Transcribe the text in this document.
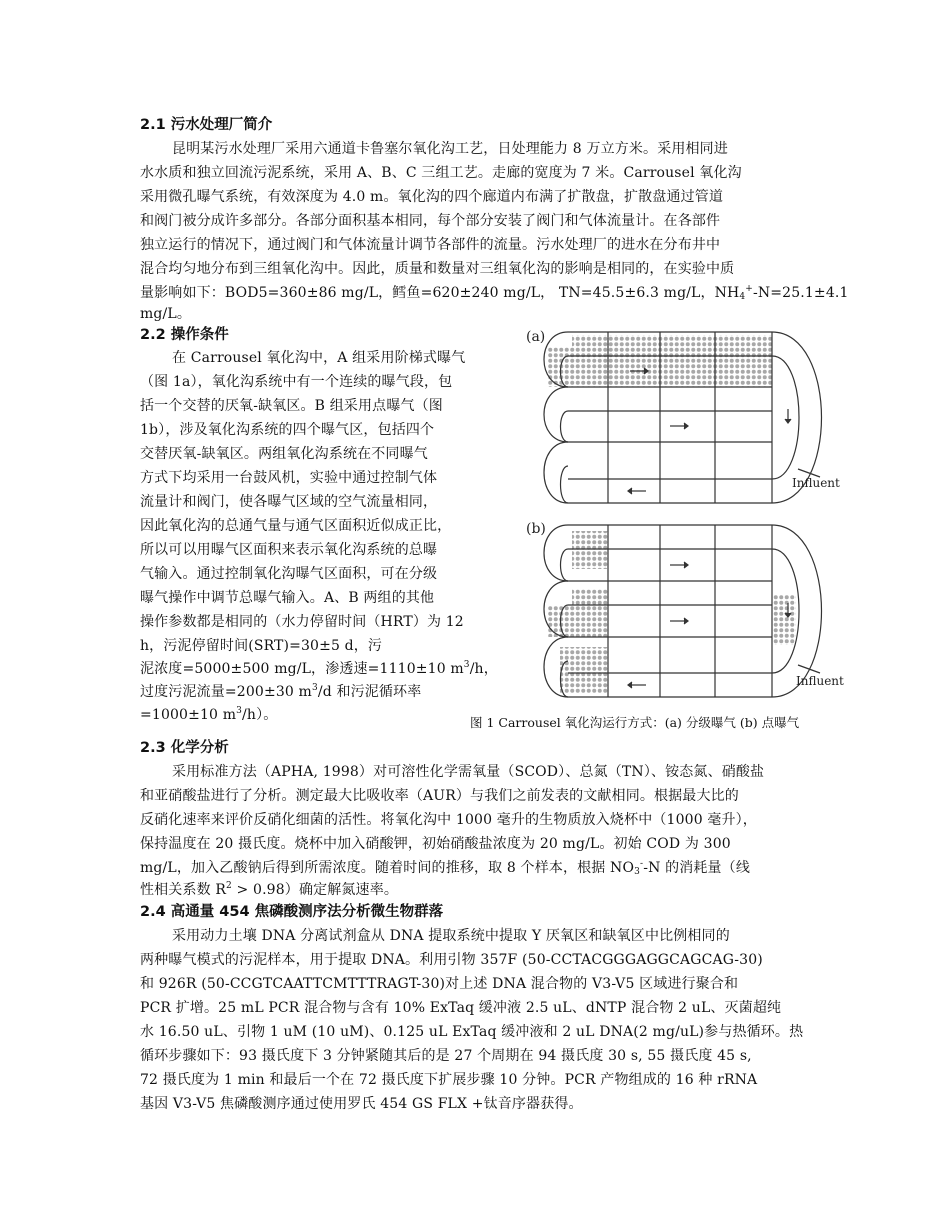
2.1 污水处理厂简介
昆明某污水处理厂采用六通道卡鲁塞尔氧化沟工艺，日处理能力 8 万立方米。采用相同进
水水质和独立回流污泥系统，采用 A、B、C 三组工艺。走廊的宽度为 7 米。Carrousel 氧化沟
采用微孔曝气系统，有效深度为 4.0 m。氧化沟的四个廊道内布满了扩散盘，扩散盘通过管道
和阀门被分成许多部分。各部分面积基本相同，每个部分安装了阀门和气体流量计。在各部件
独立运行的情况下，通过阀门和气体流量计调节各部件的流量。污水处理厂的进水在分布井中
混合均匀地分布到三组氧化沟中。因此，质量和数量对三组氧化沟的影响是相同的，在实验中质
量影响如下：BOD5=360±86 mg/L，鳕鱼=620±240 mg/L， TN=45.5±6.3 mg/L，$NH_4^+-N=25.1\pm 4.1$
mg/L。
2.2 操作条件
在 Carrousel 氧化沟中，A 组采用阶梯式曝气
（图 1a），氧化沟系统中有一个连续的曝气段，包
括一个交替的厌氧-缺氧区。B 组采用点曝气（图
1b），涉及氧化沟系统的四个曝气区，包括四个
交替厌氧-缺氧区。两组氧化沟系统在不同曝气
方式下均采用一台鼓风机，实验中通过控制气体
流量计和阀门，使各曝气区域的空气流量相同，
因此氧化沟的总通气量与通气区面积近似成正比，
所以可以用曝气区面积来表示氧化沟系统的总曝
气输入。通过控制氧化沟曝气区面积，可在分级
曝气操作中调节总曝气输入。A、B 两组的其他
操作参数都是相同的（水力停留时间（HRT）为 12
h，污泥停留时间(SRT)=30±5 d，污
泥浓度=5000±500 mg/L，渗透速=1110±10 $m^3/h$，
过度污泥流量=200±30 $m^3/d$ 和污泥循环率
=1000±10 $m^3/h$）。
(a)
Influent
(b)
Influent
图 1 Carrousel 氧化沟运行方式：(a) 分级曝气 (b) 点曝气
2.3 化学分析
采用标准方法（APHA, 1998）对可溶性化学需氧量（SCOD）、总氮（TN）、铵态氮、硝酸盐
和亚硝酸盐进行了分析。测定最大比吸收率（AUR）与我们之前发表的文献相同。根据最大比的
反硝化速率来评价反硝化细菌的活性。将氧化沟中 1000 毫升的生物质放入烧杯中（1000 毫升），
保持温度在 20 摄氏度。烧杯中加入硝酸钾，初始硝酸盐浓度为 20 mg/L。初始 COD 为 300
mg/L，加入乙酸钠后得到所需浓度。随着时间的推移，取 8 个样本，根据 $NO_3^--N$ 的消耗量（线
性相关系数 $R^2 > 0.98$）确定解氮速率。
2.4 高通量 454 焦磷酸测序法分析微生物群落
采用动力土壤 DNA 分离试剂盒从 DNA 提取系统中提取 Y 厌氧区和缺氧区中比例相同的
两种曝气模式的污泥样本，用于提取 DNA。利用引物 357F (50-CCTACGGGAGGCAGCAG-30)
和 926R (50-CCGTCAATTCMTTTRAGT-30)对上述 DNA 混合物的 V3-V5 区域进行聚合和
PCR 扩增。25 mL PCR 混合物与含有 10% ExTaq 缓冲液 2.5 uL、dNTP 混合物 2 uL、灭菌超纯
水 16.50 uL、引物 1 uM (10 uM)、0.125 uL ExTaq 缓冲液和 2 uL DNA(2 mg/uL)参与热循环。热
循环步骤如下：93 摄氏度下 3 分钟紧随其后的是 27 个周期在 94 摄氏度 30 s, 55 摄氏度 45 s,
72 摄氏度为 1 min 和最后一个在 72 摄氏度下扩展步骤 10 分钟。PCR 产物组成的 16 种 rRNA
基因 V3-V5 焦磷酸测序通过使用罗氏 454 GS FLX +钛音序器获得。
